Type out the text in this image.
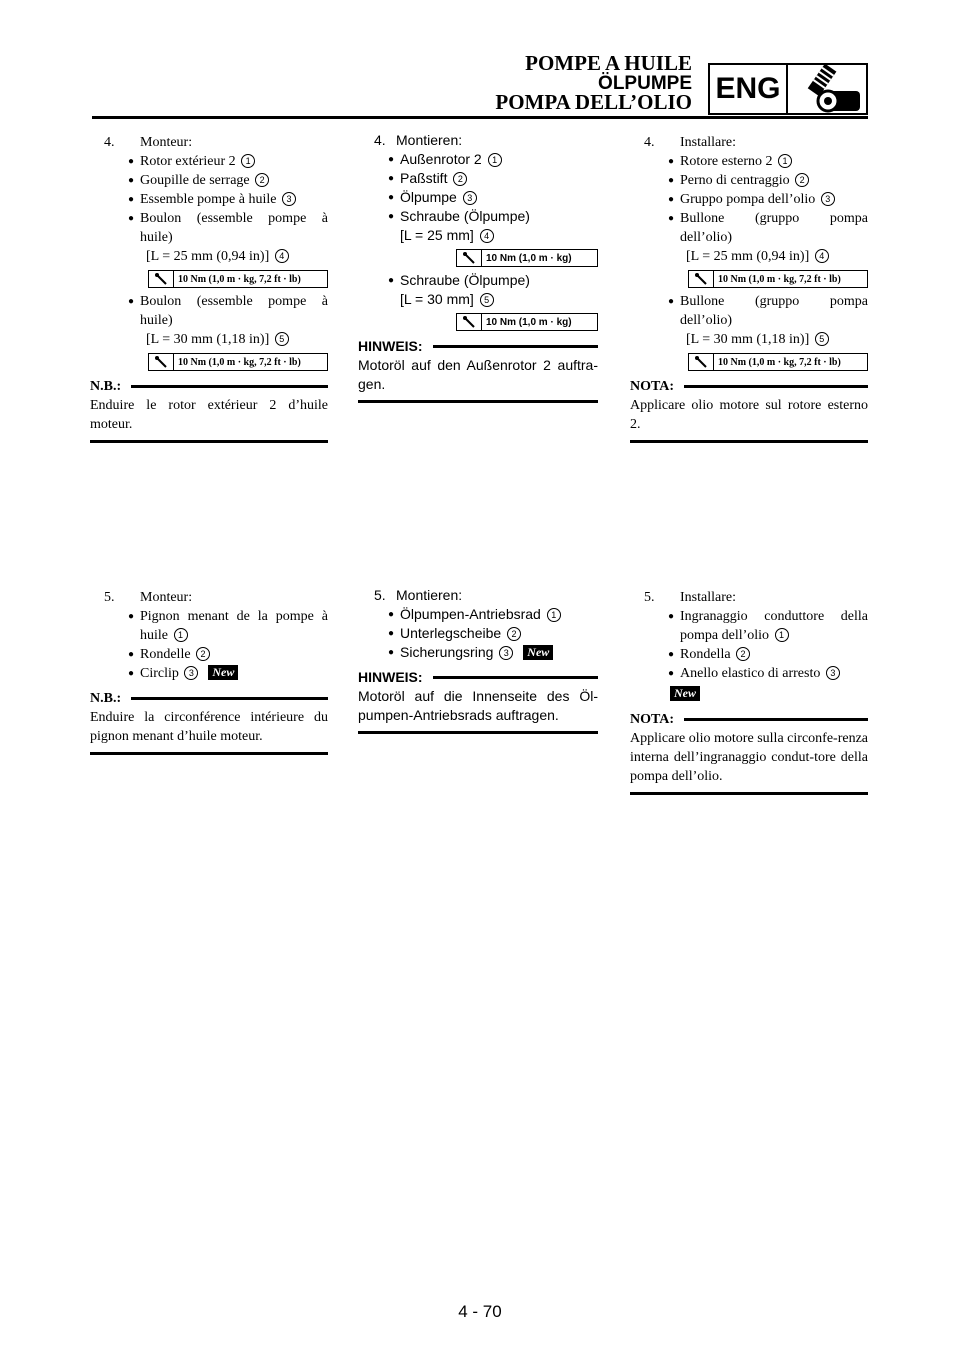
POMPE A HUILE
ÖLPUMPE
POMPA DELL’OLIO ENG
4.	Monteur:
● Rotor extérieur 2 1
● Goupille de serrage 2
● Essemble pompe à huile 3
● Boulon (essemble pompe à huile)
[L = 25 mm (0,94 in)] 4
10 Nm (1,0 m · kg, 7,2 ft · lb)
● Boulon (essemble pompe à huile)
[L = 30 mm (1,18 in)] 5
10 Nm (1,0 m · kg, 7,2 ft · lb)
N.B.:
Enduire le rotor extérieur 2 d’huile moteur.
5.	Monteur:
● Pignon menant de la pompe à huile 1
● Rondelle 2
● Circlip 3 New
N.B.:
Enduire la circonférence intérieure du pignon menant d’huile moteur.
4. Montieren:
● Außenrotor 2 1
● Paßstift 2
● Ölpumpe 3
● Schraube (Ölpumpe)
[L = 25 mm] 4
10 Nm (1,0 m · kg)
● Schraube (Ölpumpe)
[L = 30 mm] 5
10 Nm (1,0 m · kg)
HINWEIS:
Motoröl auf den Außenrotor 2 auftra-gen.
5. Montieren:
● Ölpumpen-Antriebsrad 1
● Unterlegscheibe 2
● Sicherungsring 3 New
HINWEIS:
Motoröl auf die Innenseite des Öl-pumpen-Antriebsrads auftragen.
4.	Installare:
● Rotore esterno 2 1
● Perno di centraggio 2
● Gruppo pompa dell’olio 3
● Bullone (gruppo pompa dell’olio)
[L = 25 mm (0,94 in)] 4
10 Nm (1,0 m · kg, 7,2 ft · lb)
● Bullone (gruppo pompa dell’olio)
[L = 30 mm (1,18 in)] 5
10 Nm (1,0 m · kg, 7,2 ft · lb)
NOTA:
Applicare olio motore sul rotore esterno 2.
5.	Installare:
● Ingranaggio conduttore della pompa dell’olio 1
● Rondella 2
● Anello elastico di arresto 3
New
NOTA:
Applicare olio motore sulla circonfe-renza interna dell’ingranaggio condut-tore della pompa dell’olio.
4 - 70
